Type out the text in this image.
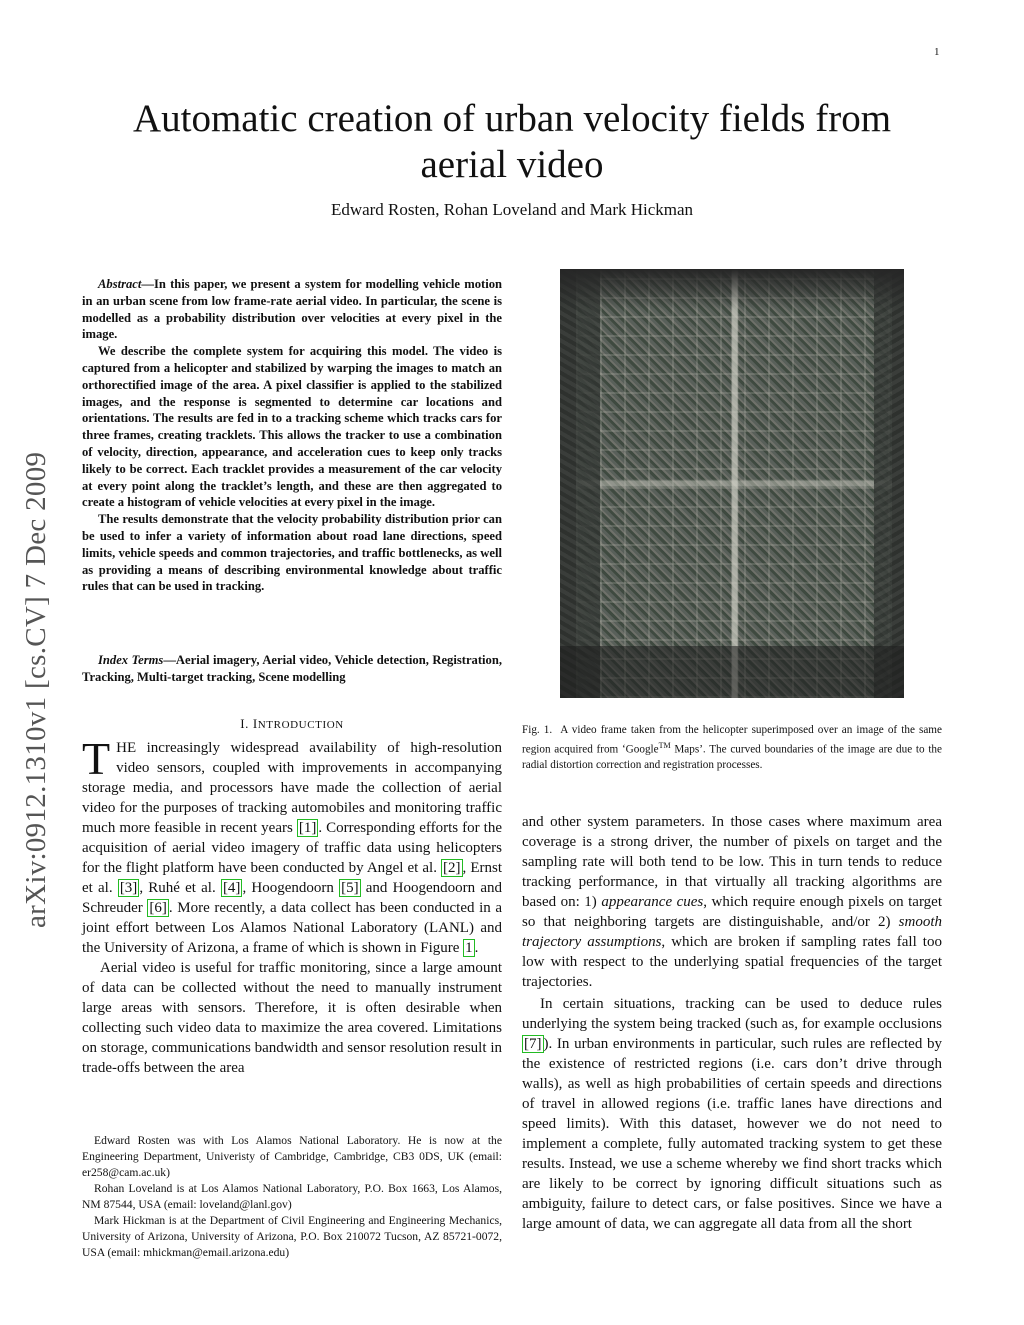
1
arXiv:0912.1310v1 [cs.CV] 7 Dec 2009
Automatic creation of urban velocity fields from aerial video
Edward Rosten, Rohan Loveland and Mark Hickman

Abstract—In this paper, we present a system for modelling vehicle motion in an urban scene from low frame-rate aerial video. In particular, the scene is modelled as a probability distribution over velocities at every pixel in the image.

We describe the complete system for acquiring this model. The video is captured from a helicopter and stabilized by warping the images to match an orthorectified image of the area. A pixel classifier is applied to the stabilized images, and the response is segmented to determine car locations and orientations. The results are fed in to a tracking scheme which tracks cars for three frames, creating tracklets. This allows the tracker to use a combination of velocity, direction, appearance, and acceleration cues to keep only tracks likely to be correct. Each tracklet provides a measurement of the car velocity at every point along the tracklet’s length, and these are then aggregated to create a histogram of vehicle velocities at every pixel in the image.

The results demonstrate that the velocity probability distribution prior can be used to infer a variety of information about road lane directions, speed limits, vehicle speeds and common trajectories, and traffic bottlenecks, as well as providing a means of describing environmental knowledge about traffic rules that can be used in tracking.

Index Terms—Aerial imagery, Aerial video, Vehicle detection, Registration, Tracking, Multi-target tracking, Scene modelling

I. INTRODUCTION

THE increasingly widespread availability of high-resolution video sensors, coupled with improvements in accompanying storage media, and processors have made the collection of aerial video for the purposes of tracking automobiles and monitoring traffic much more feasible in recent years [1] . Corresponding efforts for the acquisition of aerial video imagery of traffic data using helicopters for the flight platform have been conducted by Angel et al. [2] , Ernst et al. [3] , Ruhé et al. [4] , Hoogendoorn [5] and Hoogendoorn and Schreuder [6] . More recently, a data collect has been conducted in a joint effort between Los Alamos National Laboratory (LANL) and the University of Arizona, a frame of which is shown in Figure 1 .

Aerial video is useful for traffic monitoring, since a large amount of data can be collected without the need to manually instrument large areas with sensors. Therefore, it is often desirable when collecting such video data to maximize the area covered. Limitations on storage, communications bandwidth and sensor resolution result in trade-offs between the area

Edward Rosten was with Los Alamos National Laboratory. He is now at the Engineering Department, Univeristy of Cambridge, Cambridge, CB3 0DS, UK (email: er258@cam.ac.uk)

Rohan Loveland is at Los Alamos National Laboratory, P.O. Box 1663, Los Alamos, NM 87544, USA (email: loveland@lanl.gov)

Mark Hickman is at the Department of Civil Engineering and Engineering Mechanics, University of Arizona, University of Arizona, P.O. Box 210072 Tucson, AZ 85721-0072, USA (email: mhickman@email.arizona.edu)

Fig. 1. A video frame taken from the helicopter superimposed over an image of the same region acquired from ‘Google™ Maps’. The curved boundaries of the image are due to the radial distortion correction and registration processes.

and other system parameters. In those cases where maximum area coverage is a strong driver, the number of pixels on target and the sampling rate will both tend to be low. This in turn tends to reduce tracking performance, in that virtually all tracking algorithms are based on: 1) appearance cues, which require enough pixels on target so that neighboring targets are distinguishable, and/or 2) smooth trajectory assumptions, which are broken if sampling rates fall too low with respect to the underlying spatial frequencies of the target trajectories.

In certain situations, tracking can be used to deduce rules underlying the system being tracked (such as, for example occlusions [7] ). In urban environments in particular, such rules are reflected by the existence of restricted regions (i.e. cars don’t drive through walls), as well as high probabilities of certain speeds and directions of travel in allowed regions (i.e. traffic lanes have directions and speed limits). With this dataset, however we do not need to implement a complete, fully automated tracking system to get these results. Instead, we use a scheme whereby we find short tracks which are likely to be correct by ignoring difficult situations such as ambiguity, failure to detect cars, or false positives. Since we have a large amount of data, we can aggregate all data from all the short
